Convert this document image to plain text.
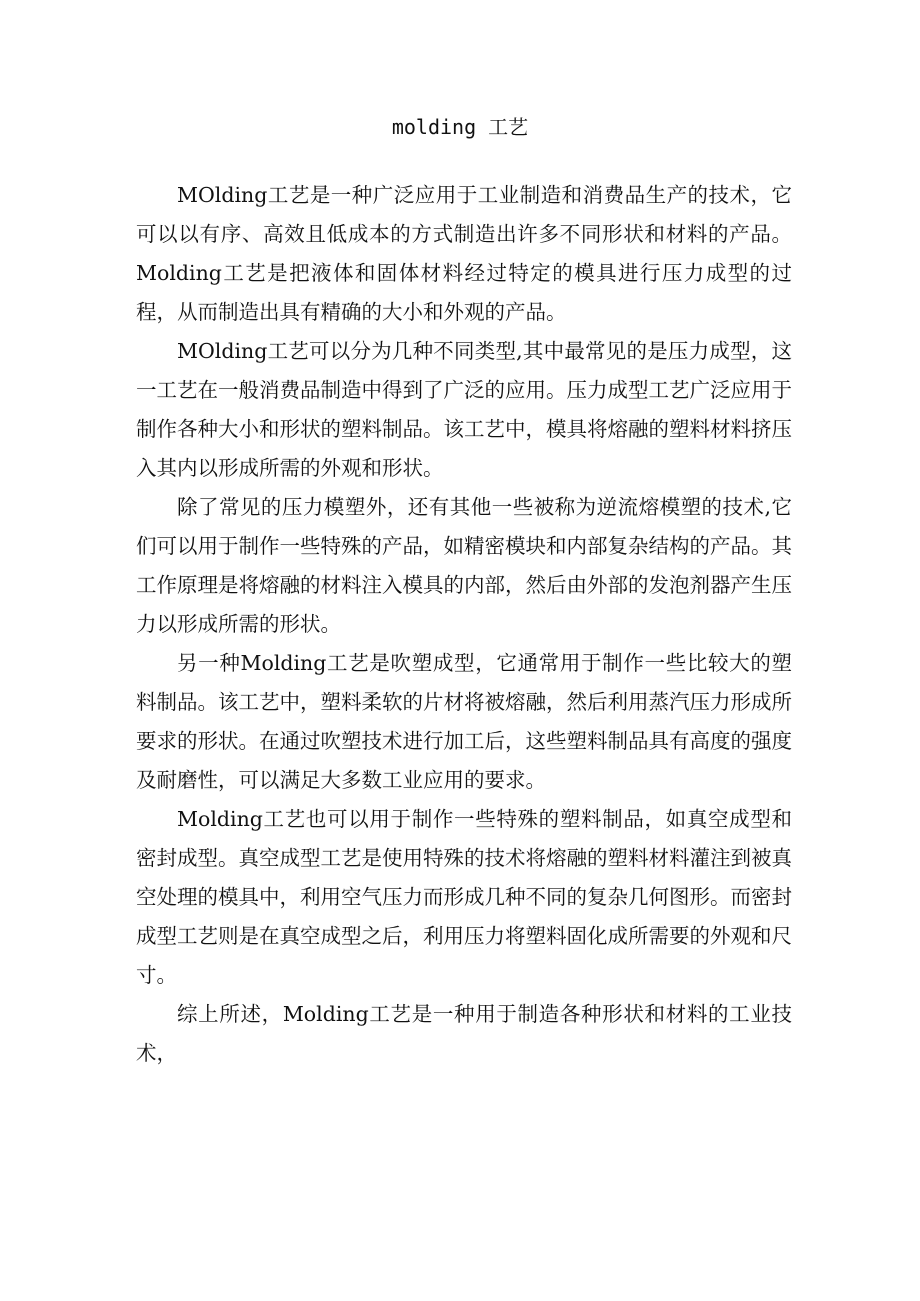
molding 工艺

MOlding工艺是一种广泛应用于工业制造和消费品生产的技术，它可以以有序、高效且低成本的方式制造出许多不同形状和材料的产品。Molding工艺是把液体和固体材料经过特定的模具进行压力成型的过程，从而制造出具有精确的大小和外观的产品。

MOlding工艺可以分为几种不同类型,其中最常见的是压力成型，这一工艺在一般消费品制造中得到了广泛的应用。压力成型工艺广泛应用于制作各种大小和形状的塑料制品。该工艺中，模具将熔融的塑料材料挤压入其内以形成所需的外观和形状。

除了常见的压力模塑外，还有其他一些被称为逆流熔模塑的技术,它们可以用于制作一些特殊的产品，如精密模块和内部复杂结构的产品。其工作原理是将熔融的材料注入模具的内部，然后由外部的发泡剂器产生压力以形成所需的形状。

另一种Molding工艺是吹塑成型，它通常用于制作一些比较大的塑料制品。该工艺中，塑料柔软的片材将被熔融，然后利用蒸汽压力形成所要求的形状。在通过吹塑技术进行加工后，这些塑料制品具有高度的强度及耐磨性，可以满足大多数工业应用的要求。

Molding工艺也可以用于制作一些特殊的塑料制品，如真空成型和密封成型。真空成型工艺是使用特殊的技术将熔融的塑料材料灌注到被真空处理的模具中，利用空气压力而形成几种不同的复杂几何图形。而密封成型工艺则是在真空成型之后，利用压力将塑料固化成所需要的外观和尺寸。

综上所述，Molding工艺是一种用于制造各种形状和材料的工业技术，
